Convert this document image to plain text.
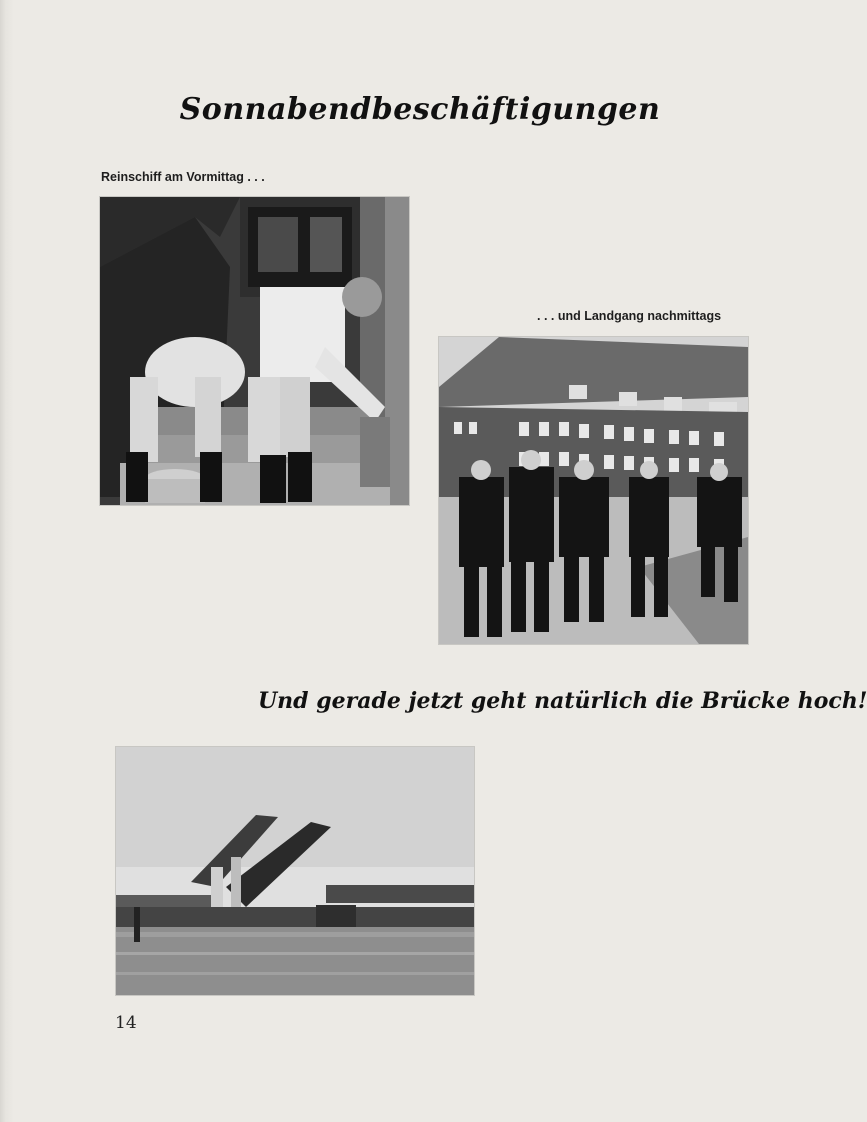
Sonnabendbeschäftigungen
Reinschiff am Vormittag . . .
. . . und Landgang nachmittags
Und gerade jetzt geht natürlich die Brücke hoch!
14
